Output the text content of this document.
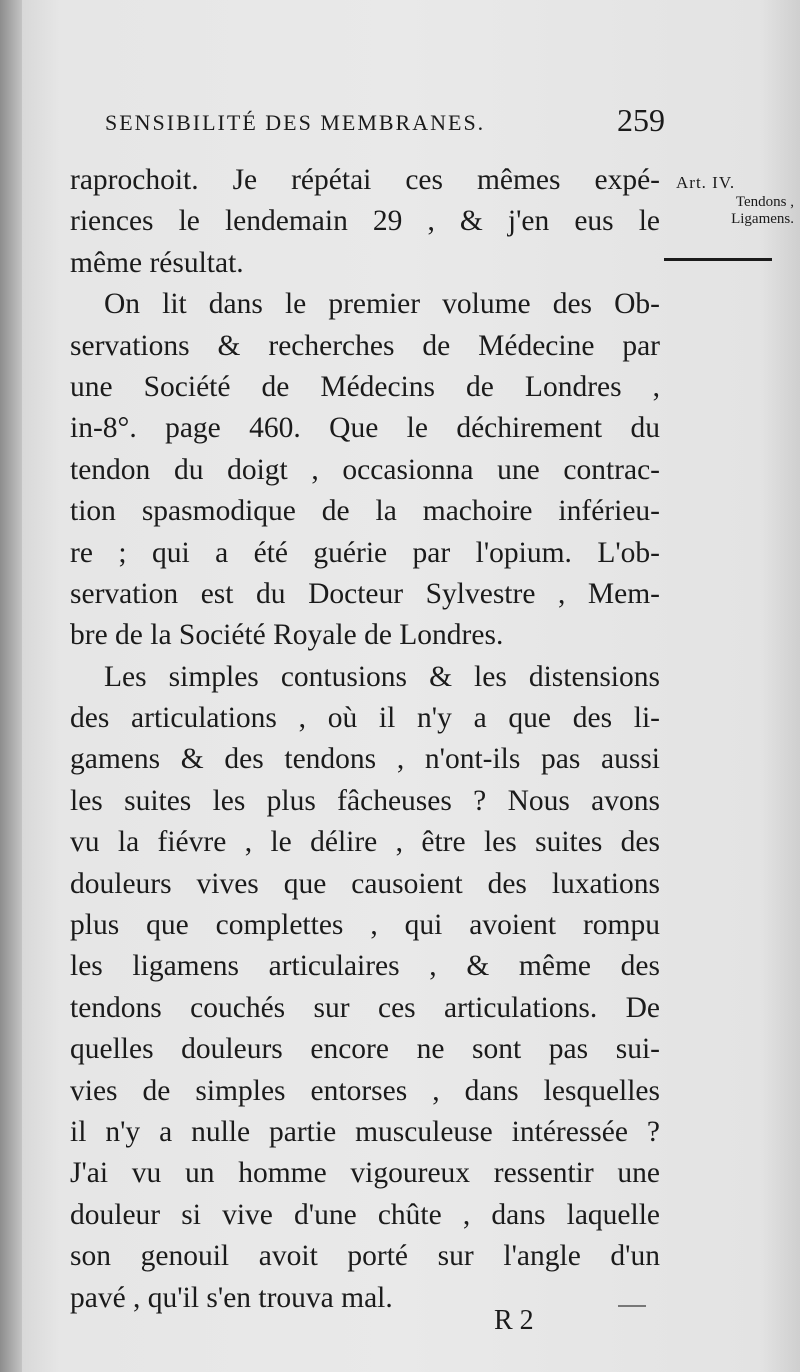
SENSIBILITÉ DES MEMBRANES.	259
Art. IV.
Tendons ,
Ligamens.
raprochoit. Je répétai ces mêmes expé-
riences le lendemain 29 , & j'en eus le
même résultat.
On lit dans le premier volume des Ob-
servations & recherches de Médecine par
une Société de Médecins de Londres ,
in-8°. page 460. Que le déchirement du
tendon du doigt , occasionna une contrac-
tion spasmodique de la machoire inférieu-
re ; qui a été guérie par l'opium. L'ob-
servation est du Docteur Sylvestre , Mem-
bre de la Société Royale de Londres.
Les simples contusions & les distensions
des articulations , où il n'y a que des li-
gamens & des tendons , n'ont-ils pas aussi
les suites les plus fâcheuses ? Nous avons
vu la fiévre , le délire , être les suites des
douleurs vives que causoient des luxations
plus que complettes , qui avoient rompu
les ligamens articulaires , & même des
tendons couchés sur ces articulations. De
quelles douleurs encore ne sont pas sui-
vies de simples entorses , dans lesquelles
il n'y a nulle partie musculeuse intéressée ?
J'ai vu un homme vigoureux ressentir une
douleur si vive d'une chûte , dans laquelle
son genouil avoit porté sur l'angle d'un
pavé , qu'il s'en trouva mal.
R 2
